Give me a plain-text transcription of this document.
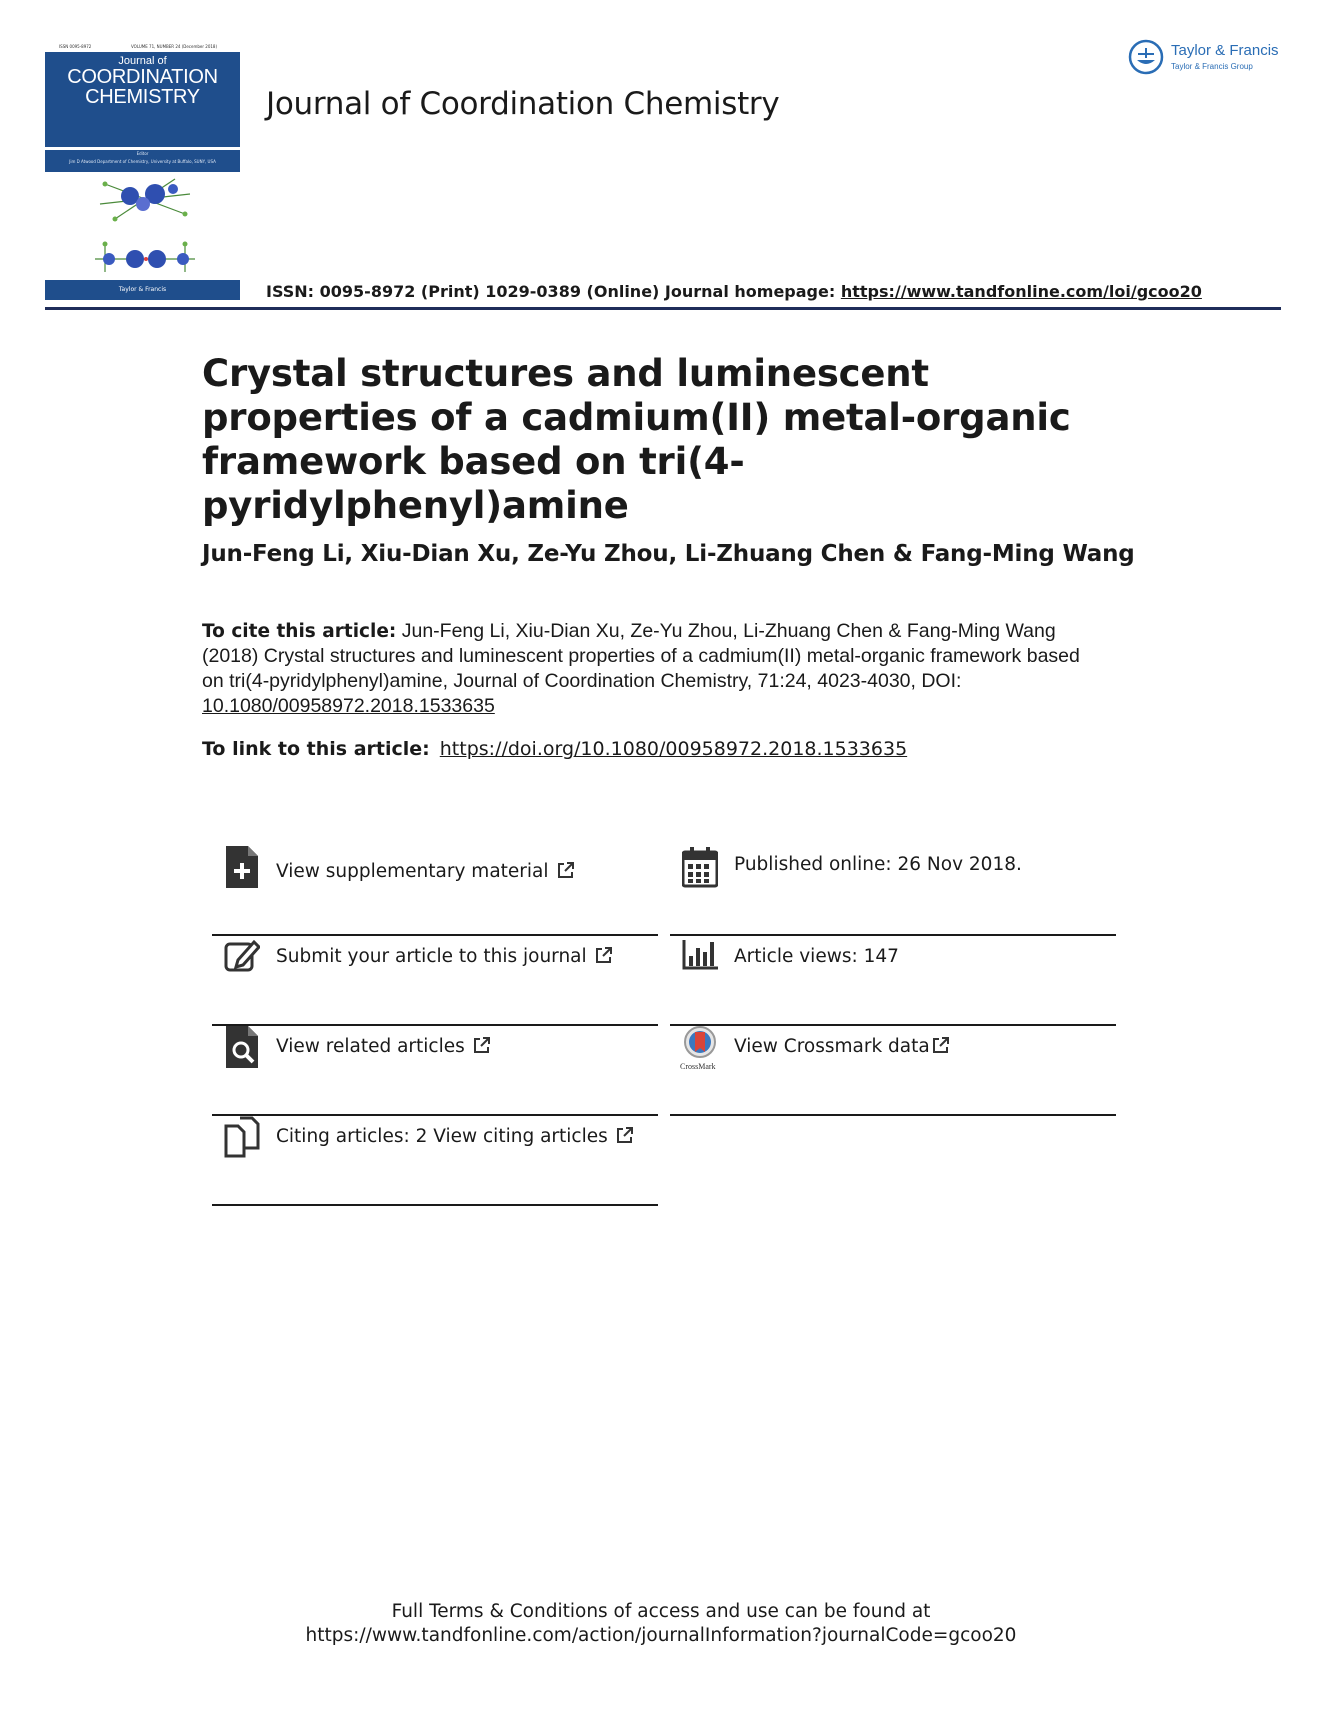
ISSN 0095-8972	VOLUME 71, NUMBER 24 (December 2018)
Journal of
COORDINATION
CHEMISTRY
Editor
Jim D Atwood Department of Chemistry, University at Buffalo, SUNY, USA
Taylor & Francis
Journal of Coordination Chemistry
Taylor & Francis
Taylor & Francis Group
ISSN: 0095-8972 (Print) 1029-0389 (Online) Journal homepage: https://www.tandfonline.com/loi/gcoo20
Crystal structures and luminescent properties of a cadmium(II) metal-organic framework based on tri(4-pyridylphenyl)amine
Jun-Feng Li, Xiu-Dian Xu, Ze-Yu Zhou, Li-Zhuang Chen & Fang-Ming Wang
To cite this article: Jun-Feng Li, Xiu-Dian Xu, Ze-Yu Zhou, Li-Zhuang Chen & Fang-Ming Wang (2018) Crystal structures and luminescent properties of a cadmium(II) metal-organic framework based on tri(4-pyridylphenyl)amine, Journal of Coordination Chemistry, 71:24, 4023-4030, DOI: 10.1080/00958972.2018.1533635
To link to this article: https://doi.org/10.1080/00958972.2018.1533635
View supplementary material
Submit your article to this journal
View related articles
Citing articles: 2 View citing articles
Published online: 26 Nov 2018.
Article views: 147
CrossMark
View Crossmark data
Full Terms & Conditions of access and use can be found at
https://www.tandfonline.com/action/journalInformation?journalCode=gcoo20
